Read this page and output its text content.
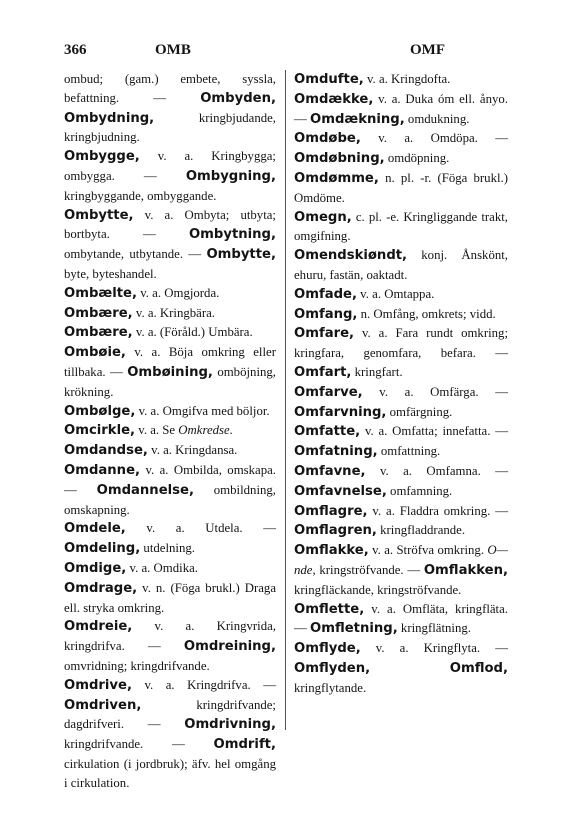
366	OMB	OMF
ombud; (gam.) embete, syssla, befattning. — Ombyden, Ombydning, kringbjudande, kringbjudning.
Ombygge, v. a. Kringbygga; ombygga. — Ombygning, kringbyggande, ombyggande.
Ombytte, v. a. Ombyta; utbyta; bortbyta. — Ombytning, ombytande, utbytande. — Ombytte, byte, byteshandel.
Ombælte, v. a. Omgjorda.
Ombære, v. a. Kringbära.
Ombære, v. a. (Föråld.) Umbära.
Ombøie, v. a. Böja omkring eller tillbaka. — Ombøining, omböjning, krökning.
Ombølge, v. a. Omgifva med böljor.
Omcirkle, v. a. Se Omkredse.
Omdandse, v. a. Kringdansa.
Omdanne, v. a. Ombilda, omskapa. — Omdannelse, ombildning, omskapning.
Omdele, v. a. Utdela. — Omdeling, utdelning.
Omdige, v. a. Omdika.
Omdrage, v. n. (Föga brukl.) Draga ell. stryka omkring.
Omdreie, v. a. Kringvrida, kringdrifva. — Omdreining, omvridning; kringdrifvande.
Omdrive, v. a. Kringdrifva. — Omdriven, kringdrifvande; dagdrifveri. — Omdrivning, kringdrifvande. — Omdrift, cirkulation (i jordbruk); äfv. hel omgång i cirkulation.
Omdufte, v. a. Kringdofta.
Omdække, v. a. Duka óm ell. ånyo. — Omdækning, omdukning.
Omdøbe, v. a. Omdöpa. — Omdøbning, omdöpning.
Omdømme, n. pl. -r. (Föga brukl.) Omdöme.
Omegn, c. pl. -e. Kringliggande trakt, omgifning.
Omendskiøndt, konj. Ånskönt, ehuru, fastän, oaktadt.
Omfade, v. a. Omtappa.
Omfang, n. Omfång, omkrets; vidd.
Omfare, v. a. Fara rundt omkring; kringfara, genomfara, befara. — Omfart, kringfart.
Omfarve, v. a. Omfärga. — Omfarvning, omfärgning.
Omfatte, v. a. Omfatta; innefatta. — Omfatning, omfattning.
Omfavne, v. a. Omfamna. — Omfavnelse, omfamning.
Omflagre, v. a. Fladdra omkring. — Omflagren, kringfladdrande.
Omflakke, v. a. Ströfva omkring. O—nde, kringströfvande. — Omflakken, kringfläckande, kringströfvande.
Omflette, v. a. Omfläta, kringfläta. — Omfletning, kringflätning.
Omflyde, v. a. Kringflyta. — Omflyden, Omflod, kringflytande.
